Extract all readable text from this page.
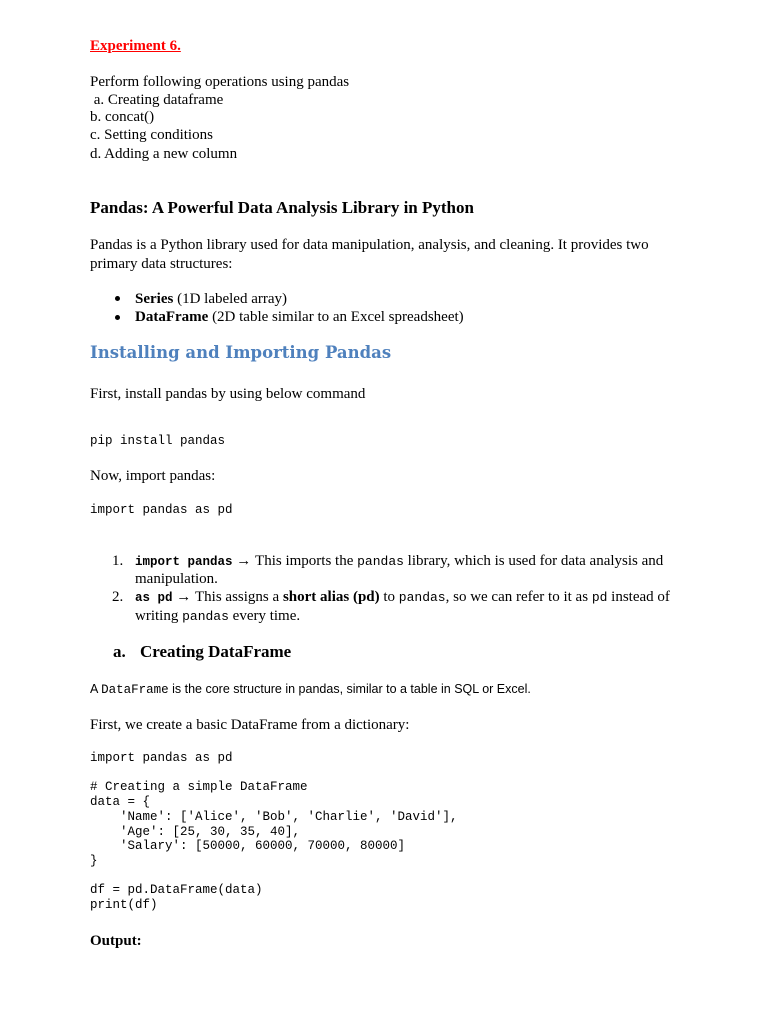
Experiment 6.
Perform following operations using pandas
a. Creating dataframe
b. concat()
c. Setting conditions
d. Adding a new column
Pandas: A Powerful Data Analysis Library in Python
Pandas is a Python library used for data manipulation, analysis, and cleaning. It provides two
primary data structures:
Series (1D labeled array)
DataFrame (2D table similar to an Excel spreadsheet)
Installing and Importing Pandas
First, install pandas by using below command
pip install pandas
Now, import pandas:
import pandas as pd
1. import pandas → This imports the pandas library, which is used for data analysis and
manipulation.
2. as pd → This assigns a short alias (pd) to pandas, so we can refer to it as pd instead of
writing pandas every time.
a. Creating DataFrame
A DataFrame is the core structure in pandas, similar to a table in SQL or Excel.
First, we create a basic DataFrame from a dictionary:
import pandas as pd

# Creating a simple DataFrame
data = {
'Name': ['Alice', 'Bob', 'Charlie', 'David'],
'Age': [25, 30, 35, 40],
'Salary': [50000, 60000, 70000, 80000]
}

df = pd.DataFrame(data)
print(df)
Output:
